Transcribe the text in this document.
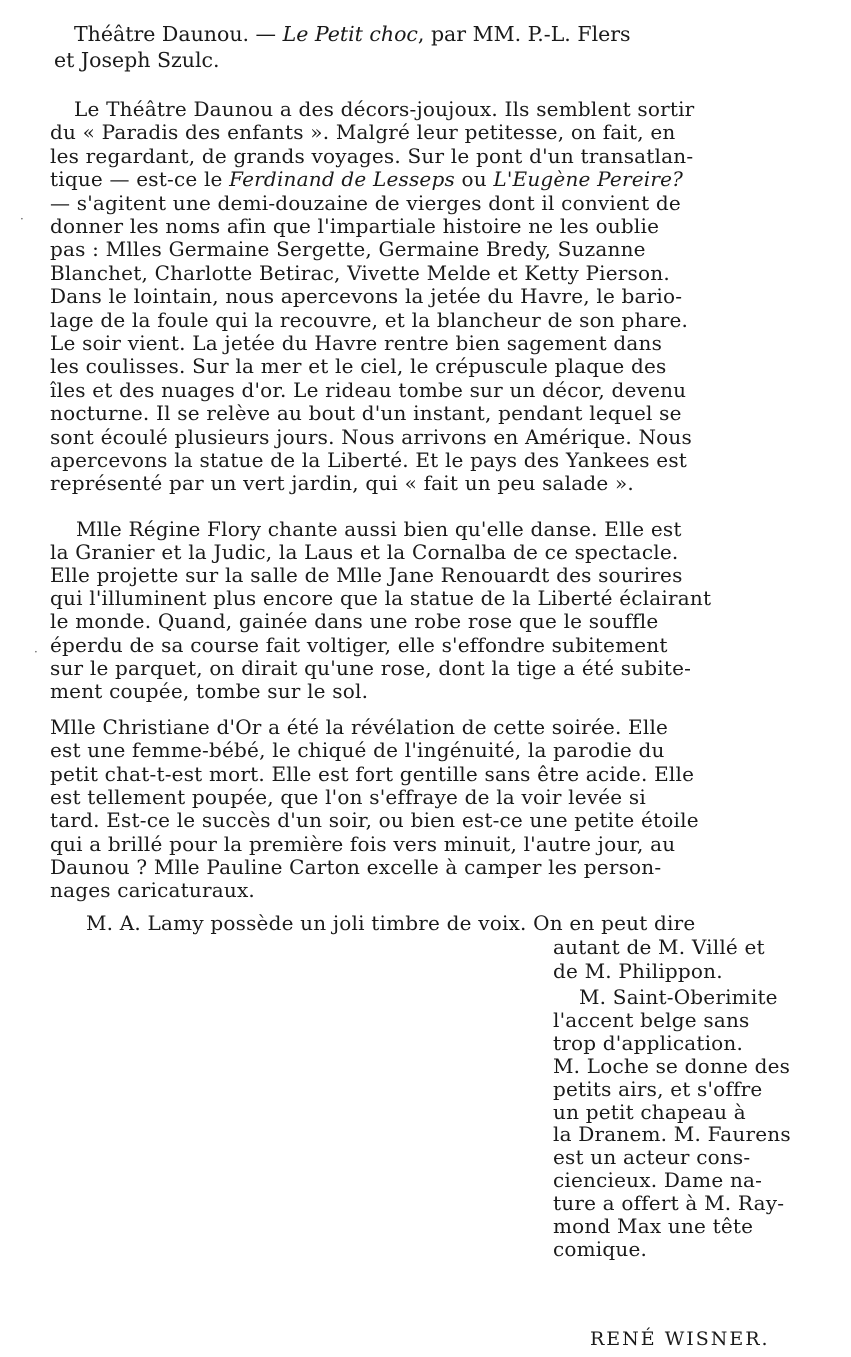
Théâtre Daunou. — Le Petit choc, par MM. P.-L. Flers
et Joseph Szulc.
Le Théâtre Daunou a des décors-joujoux. Ils semblent sortir
du « Paradis des enfants ». Malgré leur petitesse, on fait, en
les regardant, de grands voyages. Sur le pont d'un transatlan-
tique — est-ce le Ferdinand de Lesseps ou L'Eugène Pereire?
— s'agitent une demi-douzaine de vierges dont il convient de
donner les noms afin que l'impartiale histoire ne les oublie
pas : Mlles Germaine Sergette, Germaine Bredy, Suzanne
Blanchet, Charlotte Betirac, Vivette Melde et Ketty Pierson.
Dans le lointain, nous apercevons la jetée du Havre, le bario-
lage de la foule qui la recouvre, et la blancheur de son phare.
Le soir vient. La jetée du Havre rentre bien sagement dans
les coulisses. Sur la mer et le ciel, le crépuscule plaque des
îles et des nuages d'or. Le rideau tombe sur un décor, devenu
nocturne. Il se relève au bout d'un instant, pendant lequel se
sont écoulé plusieurs jours. Nous arrivons en Amérique. Nous
apercevons la statue de la Liberté. Et le pays des Yankees est
représenté par un vert jardin, qui « fait un peu salade ».
Mlle Régine Flory chante aussi bien qu'elle danse. Elle est
la Granier et la Judic, la Laus et la Cornalba de ce spectacle.
Elle projette sur la salle de Mlle Jane Renouardt des sourires
qui l'illuminent plus encore que la statue de la Liberté éclairant
le monde. Quand, gainée dans une robe rose que le souffle
éperdu de sa course fait voltiger, elle s'effondre subitement
sur le parquet, on dirait qu'une rose, dont la tige a été subite-
ment coupée, tombe sur le sol.
Mlle Christiane d'Or a été la révélation de cette soirée. Elle
est une femme-bébé, le chiqué de l'ingénuité, la parodie du
petit chat-t-est mort. Elle est fort gentille sans être acide. Elle
est tellement poupée, que l'on s'effraye de la voir levée si
tard. Est-ce le succès d'un soir, ou bien est-ce une petite étoile
qui a brillé pour la première fois vers minuit, l'autre jour, au
Daunou ? Mlle Pauline Carton excelle à camper les person-
nages caricaturaux.
M. A. Lamy possède un joli timbre de voix. On en peut dire
autant de M. Villé et
de M. Philippon.
M. Saint-Oberimite
l'accent belge sans
trop d'application.
M. Loche se donne des
petits airs, et s'offre
un petit chapeau à
la Dranem. M. Faurens
est un acteur cons-
ciencieux. Dame na-
ture a offert à M. Ray-
mond Max une tête
comique.
RENÉ WISNER.
·
·
